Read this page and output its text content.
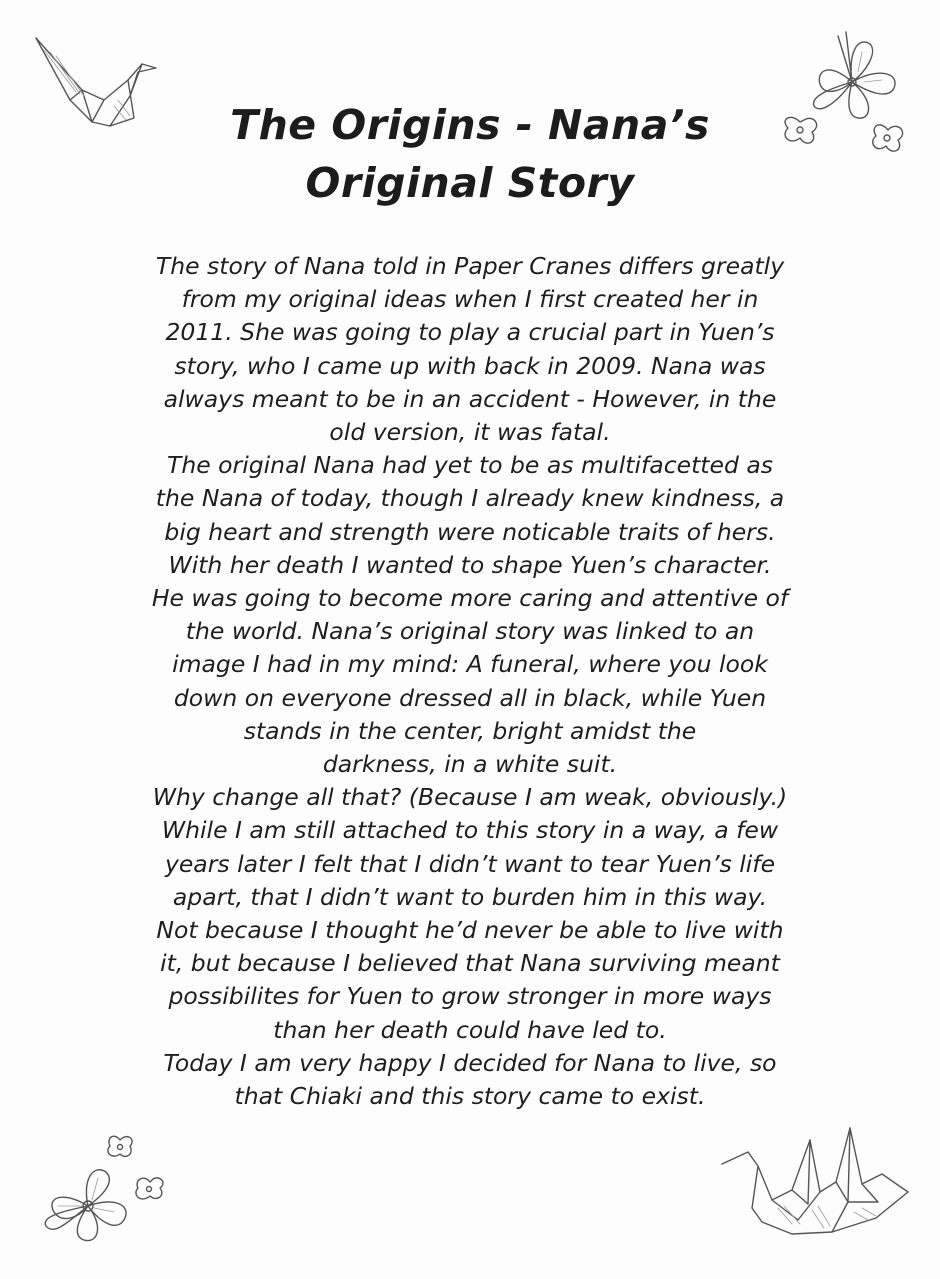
The Origins - Nana’s
Original Story
The story of Nana told in Paper Cranes differs greatly
from my original ideas when I first created her in
2011. She was going to play a crucial part in Yuen’s
story, who I came up with back in 2009. Nana was
always meant to be in an accident - However, in the
old version, it was fatal.
The original Nana had yet to be as multifacetted as
the Nana of today, though I already knew kindness, a
big heart and strength were noticable traits of hers.
With her death I wanted to shape Yuen’s character.
He was going to become more caring and attentive of
the world. Nana’s original story was linked to an
image I had in my mind: A funeral, where you look
down on everyone dressed all in black, while Yuen
stands in the center, bright amidst the
darkness, in a white suit.
Why change all that? (Because I am weak, obviously.)
While I am still attached to this story in a way, a few
years later I felt that I didn’t want to tear Yuen’s life
apart, that I didn’t want to burden him in this way.
Not because I thought he’d never be able to live with
it, but because I believed that Nana surviving meant
possibilites for Yuen to grow stronger in more ways
than her death could have led to.
Today I am very happy I decided for Nana to live, so
that Chiaki and this story came to exist.
